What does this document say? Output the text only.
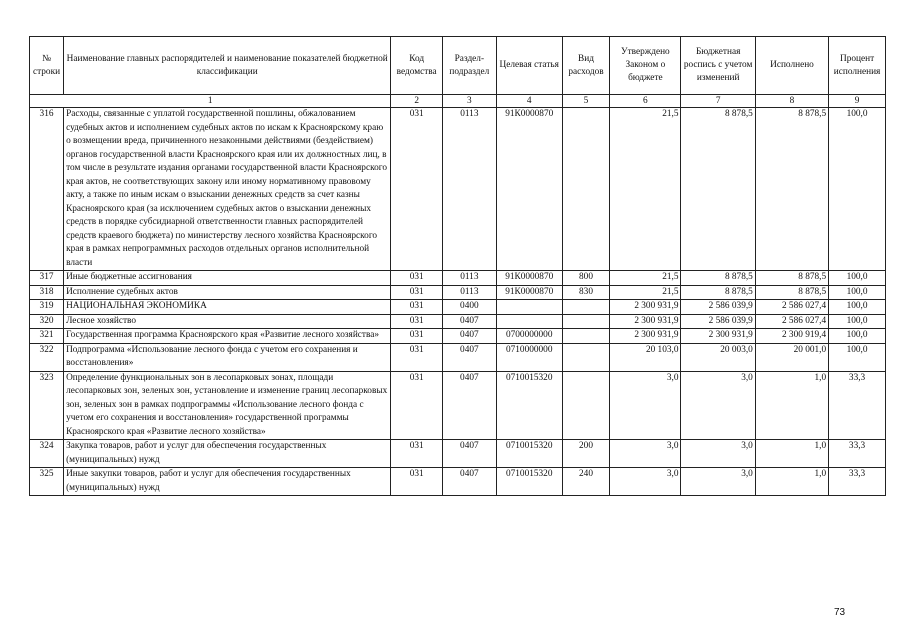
№ строки	Наименование главных распорядителей и наименование показателей бюджетной классификации	Код ведомства	Раздел-подраздел	Целевая статья	Вид расходов	Утверждено Законом о бюджете	Бюджетная роспись с учетом изменений	Исполнено	Процент исполнения
1		2	3	4	5	6	7	8	9
316	Расходы, связанные с уплатой государственной пошлины, обжалованием судебных актов и исполнением судебных актов по искам к Красноярскому краю о возмещении вреда, причиненного незаконными действиями (бездействием) органов государственной власти Красноярского края или их должностных лиц, в том числе в результате издания органами государственной власти Красноярского края актов, не соответствующих закону или иному нормативному правовому акту, а также по иным искам о взыскании денежных средств за счет казны Красноярского края (за исключением судебных актов о взыскании денежных средств в порядке субсидиарной ответственности главных распорядителей средств краевого бюджета) по министерству лесного хозяйства Красноярского края в рамках непрограммных расходов отдельных органов исполнительной власти	031	0113	91К0000870		21,5	8 878,5	8 878,5	100,0
317	Иные бюджетные ассигнования	031	0113	91К0000870	800	21,5	8 878,5	8 878,5	100,0
318	Исполнение судебных актов	031	0113	91К0000870	830	21,5	8 878,5	8 878,5	100,0
319	НАЦИОНАЛЬНАЯ ЭКОНОМИКА	031	0400			2 300 931,9	2 586 039,9	2 586 027,4	100,0
320	Лесное хозяйство	031	0407			2 300 931,9	2 586 039,9	2 586 027,4	100,0
321	Государственная программа Красноярского края «Развитие лесного хозяйства»	031	0407	0700000000		2 300 931,9	2 300 931,9	2 300 919,4	100,0
322	Подпрограмма «Использование лесного фонда с учетом его сохранения и восстановления»	031	0407	0710000000		20 103,0	20 003,0	20 001,0	100,0
323	Определение функциональных зон в лесопарковых зонах, площади лесопарковых зон, зеленых зон, установление и изменение границ лесопарковых зон, зеленых зон в рамках подпрограммы «Использование лесного фонда с учетом его сохранения и восстановления» государственной программы Красноярского края «Развитие лесного хозяйства»	031	0407	0710015320		3,0	3,0	1,0	33,3
324	Закупка товаров, работ и услуг для обеспечения государственных (муниципальных) нужд	031	0407	0710015320	200	3,0	3,0	1,0	33,3
325	Иные закупки товаров, работ и услуг для обеспечения государственных (муниципальных) нужд	031	0407	0710015320	240	3,0	3,0	1,0	33,3
73
